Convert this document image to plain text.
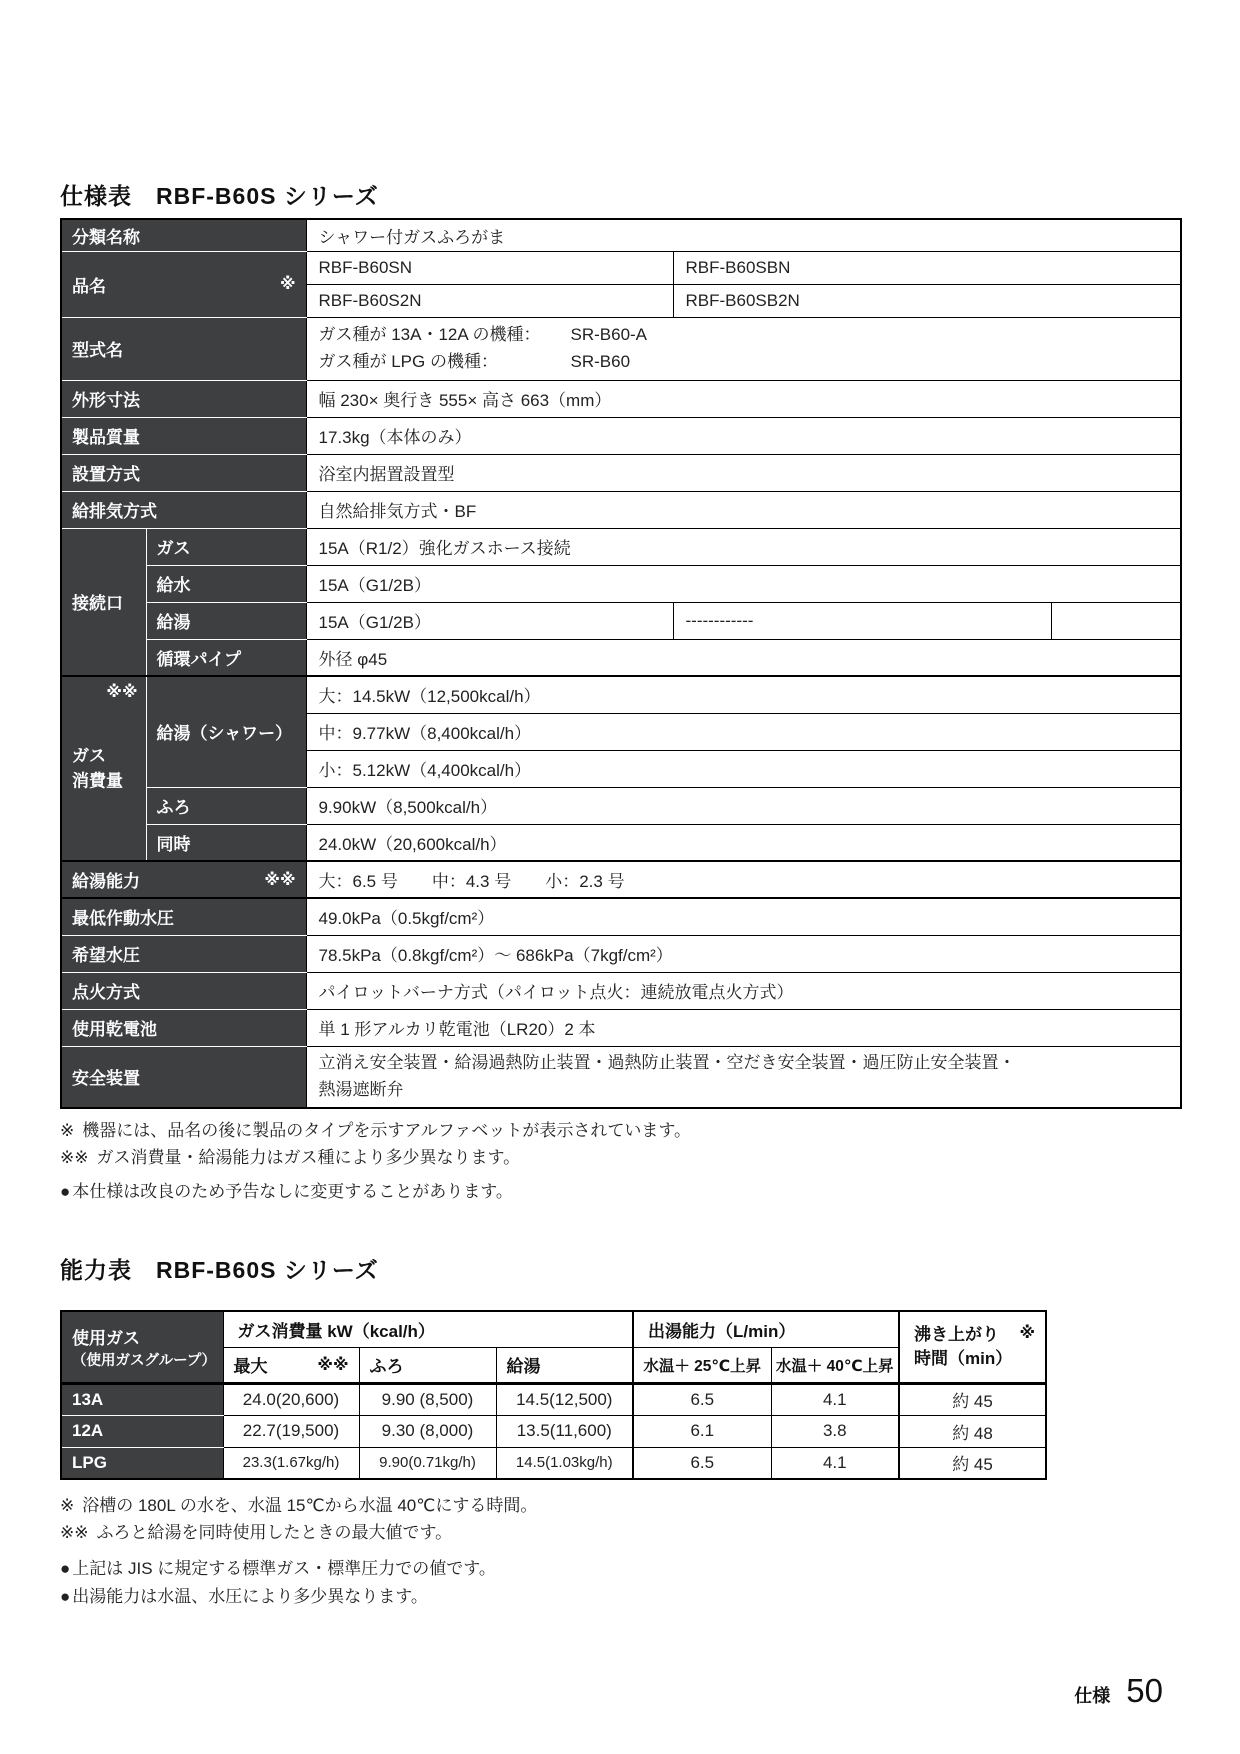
仕様表　RBF-B60S シリーズ
分類名称		シャワー付ガスふろがま		

品名 ※		RBF-B60SN	RBF-B60SBN	
		RBF-B60S2N	RBF-B60SB2N	
型式名		ガス種が 13A・12A の機種： SR-B60-A
ガス種が LPG の機種： SR-B60		

外形寸法		幅 230× 奥行き 555× 高さ 663（mm）		
製品質量		17.3kg（本体のみ）		
設置方式		浴室内据置設置型		
給排気方式		自然給排気方式・BF		
接続口	ガス	15A（R1/2）強化ガスホース接続		
	給水	15A（G1/2B）		
	給湯	15A（G1/2B）	------------	
	循環パイプ	外径 φ45		

※※
ガス
消費量	給湯（シャワー）	大：14.5kW（12,500kcal/h）		
		中：9.77kW（8,400kcal/h）		
		小：5.12kW（4,400kcal/h）		
	ふろ	9.90kW（8,500kcal/h）		
	同時	24.0kW（20,600kcal/h）		

給湯能力 ※※		大：6.5 号　　中：4.3 号　　小：2.3 号		
最低作動水圧		49.0kPa（0.5kgf/cm²）		
希望水圧		78.5kPa（0.8kgf/cm²）～ 686kPa（7kgf/cm²）		
点火方式		パイロットバーナ方式（パイロット点火：連続放電点火方式）		
使用乾電池		単 1 形アルカリ乾電池（LR20）2 本		
安全装置		立消え安全装置・給湯過熱防止装置・過熱防止装置・空だき安全装置・過圧防止安全装置・
熱湯遮断弁		
※ 機器には、品名の後に製品のタイプを示すアルファベットが表示されています。
※※ ガス消費量・給湯能力はガス種により多少異なります。
● 本仕様は改良のため予告なしに変更することがあります。
能力表　RBF-B60S シリーズ
使用ガス
（使用ガスグループ）
	ガス消費量 kW（kcal/h）	出湯能力（L/min）	沸き上がり ※
時間（min）

	最大 ※※	ふろ	給湯	水温＋ 25℃上昇	水温＋ 40℃上昇	
13A	24.0(20,600)	9.90 (8,500)	14.5(12,500)	6.5	4.1	約 45
12A	22.7(19,500)	9.30 (8,000)	13.5(11,600)	6.1	3.8	約 48
LPG	23.3(1.67kg/h)	9.90(0.71kg/h)	14.5(1.03kg/h)	6.5	4.1	約 45
※ 浴槽の 180L の水を、水温 15℃から水温 40℃にする時間。
※※ ふろと給湯を同時使用したときの最大値です。
● 上記は JIS に規定する標準ガス・標準圧力での値です。
● 出湯能力は水温、水圧により多少異なります。
仕様 50
